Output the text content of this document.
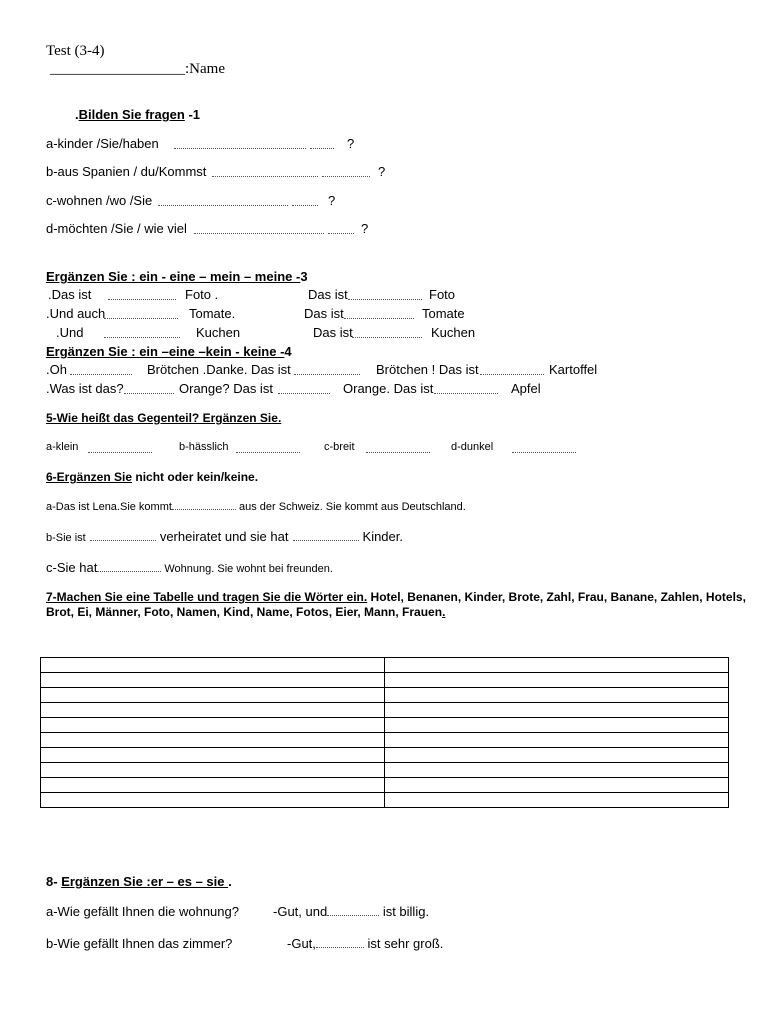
Test (3-4)
__________________:Name
.Bilden Sie fragen -1
a-kinder /Sie/haben	?
b-aus Spanien / du/Kommst	?
c-wohnen /wo /Sie	?
d-möchten /Sie / wie viel	?
Ergänzen Sie : ein - eine – mein – meine -3
.Das ist	Foto .	Das ist	Foto
.Und auch	Tomate.	Das ist	Tomate
.Und	Kuchen	Das ist	Kuchen
Ergänzen Sie : ein –eine –kein - keine -4
.Oh	Brötchen .Danke. Das ist	Brötchen ! Das ist	Kartoffel
.Was ist das?	Orange? Das ist	Orange. Das ist	Apfel
5-Wie heißt das Gegenteil? Ergänzen Sie.
a-klein	b-hässlich	c-breit	d-dunkel
6-Ergänzen Sie nicht oder kein/keine.
a-Das ist Lena.Sie kommt	aus der Schweiz. Sie kommt aus Deutschland.
b-Sie ist	verheiratet und sie hat	Kinder.
c-Sie hat	Wohnung. Sie wohnt bei freunden.
7-Machen Sie eine Tabelle und tragen Sie die Wörter ein. Hotel, Benanen, Kinder, Brote, Zahl, Frau, Banane, Zahlen, Hotels,
Brot, Ei, Männer, Foto, Namen, Kind, Name, Fotos, Eier, Mann, Frauen.

8- Ergänzen Sie :er – es – sie .
a-Wie gefällt Ihnen die wohnung?	-Gut, und	ist billig.
b-Wie gefällt Ihnen das zimmer?	-Gut,	ist sehr groß.
